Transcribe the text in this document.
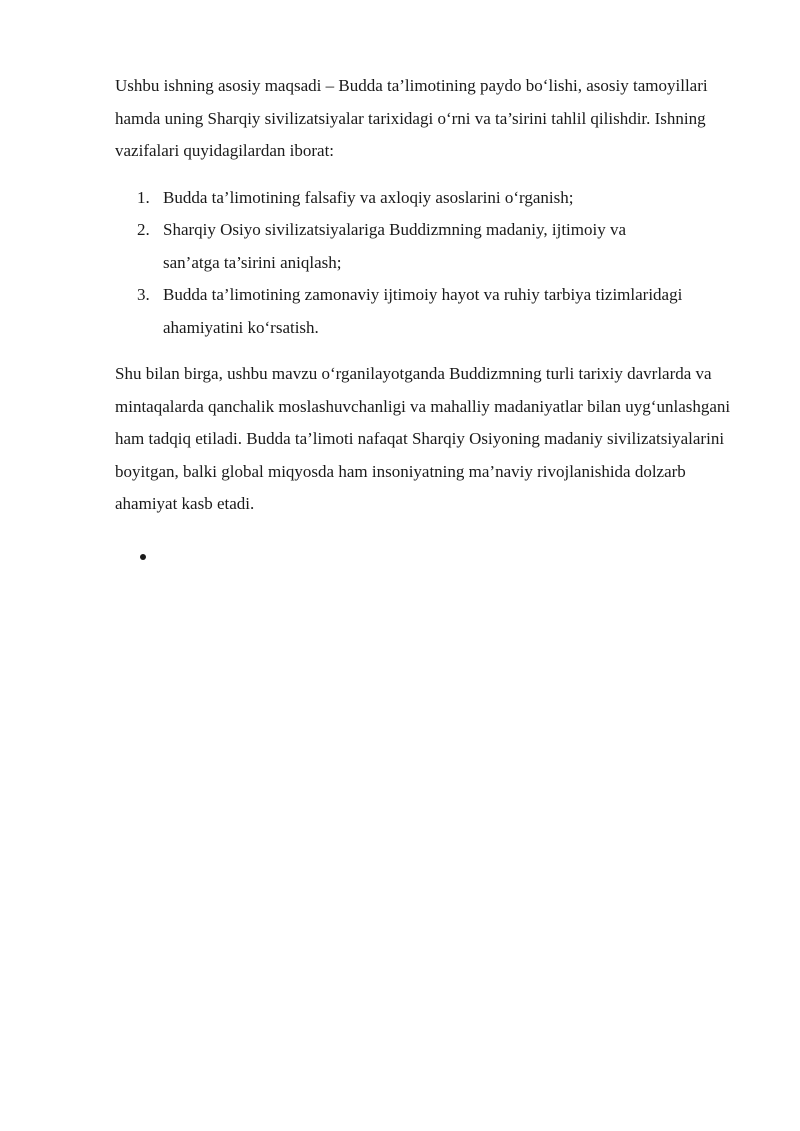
Ushbu ishning asosiy maqsadi – Budda ta’limotining paydo bo‘lishi, asosiy tamoyillari hamda uning Sharqiy sivilizatsiyalar tarixidagi o‘rni va ta’sirini tahlil qilishdir. Ishning vazifalari quyidagilardan iborat:

1. Budda ta’limotining falsafiy va axloqiy asoslarini o‘rganish;
2. Sharqiy Osiyo sivilizatsiyalariga Buddizmning madaniy, ijtimoiy va san’atga ta’sirini aniqlash;
3. Budda ta’limotining zamonaviy ijtimoiy hayot va ruhiy tarbiya tizimlaridagi ahamiyatini ko‘rsatish.

Shu bilan birga, ushbu mavzu o‘rganilayotganda Buddizmning turli tarixiy davrlarda va mintaqalarda qanchalik moslashuvchanligi va mahalliy madaniyatlar bilan uyg‘unlashgani ham tadqiq etiladi. Budda ta’limoti nafaqat Sharqiy Osiyoning madaniy sivilizatsiyalarini boyitgan, balki global miqyosda ham insoniyatning ma’naviy rivojlanishida dolzarb ahamiyat kasb etadi.
